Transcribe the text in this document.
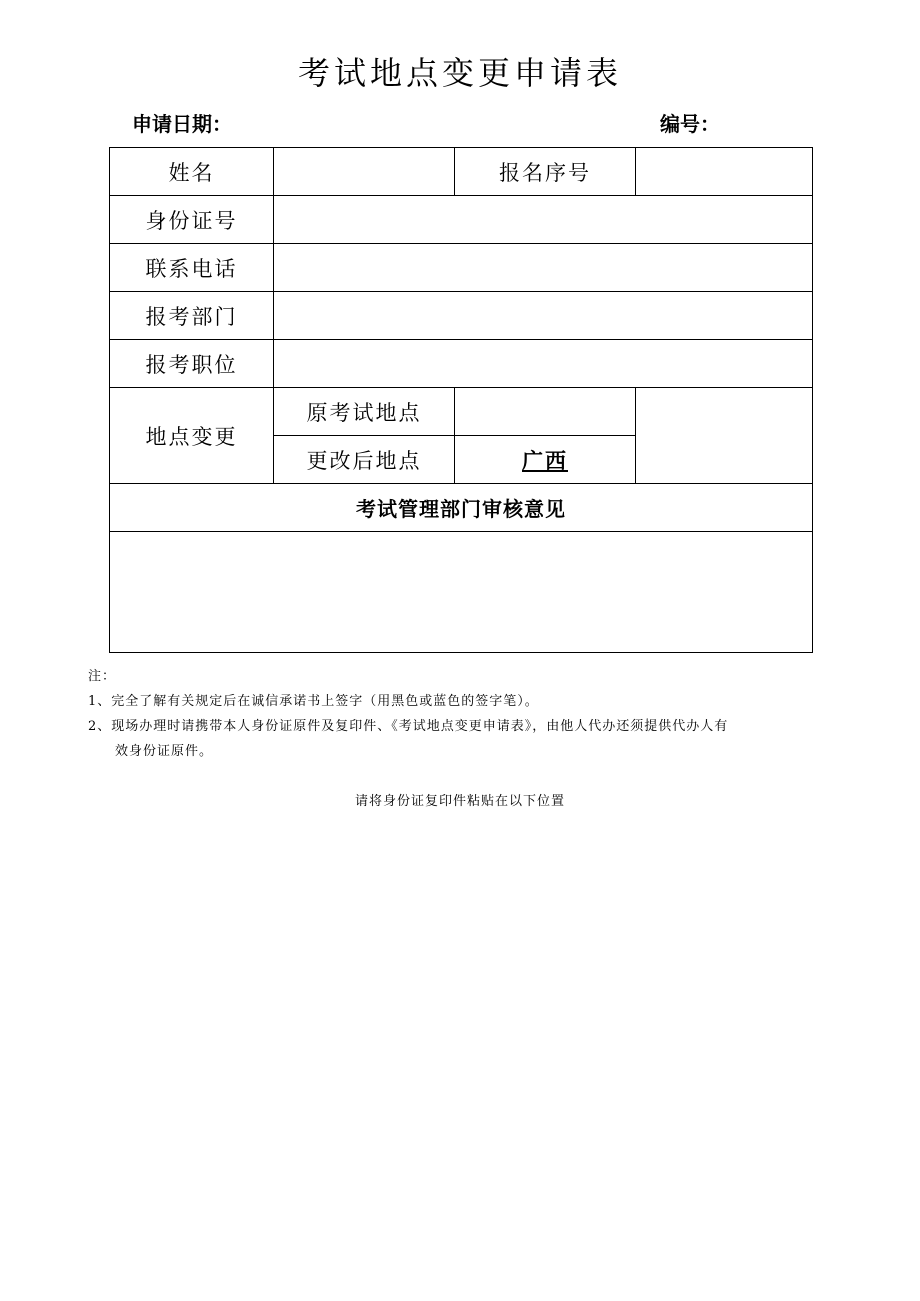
考试地点变更申请表
申请日期：	编号：
姓名		报名序号	
身份证号			
联系电话			
报考部门			
报考职位			
地点变更	原考试地点		
	更改后地点	广西	
考试管理部门审核意见			

注：
1、完全了解有关规定后在诚信承诺书上签字（用黑色或蓝色的签字笔）。
2、现场办理时请携带本人身份证原件及复印件、《考试地点变更申请表》，由他人代办还须提供代办人有
效身份证原件。
请将身份证复印件粘贴在以下位置
